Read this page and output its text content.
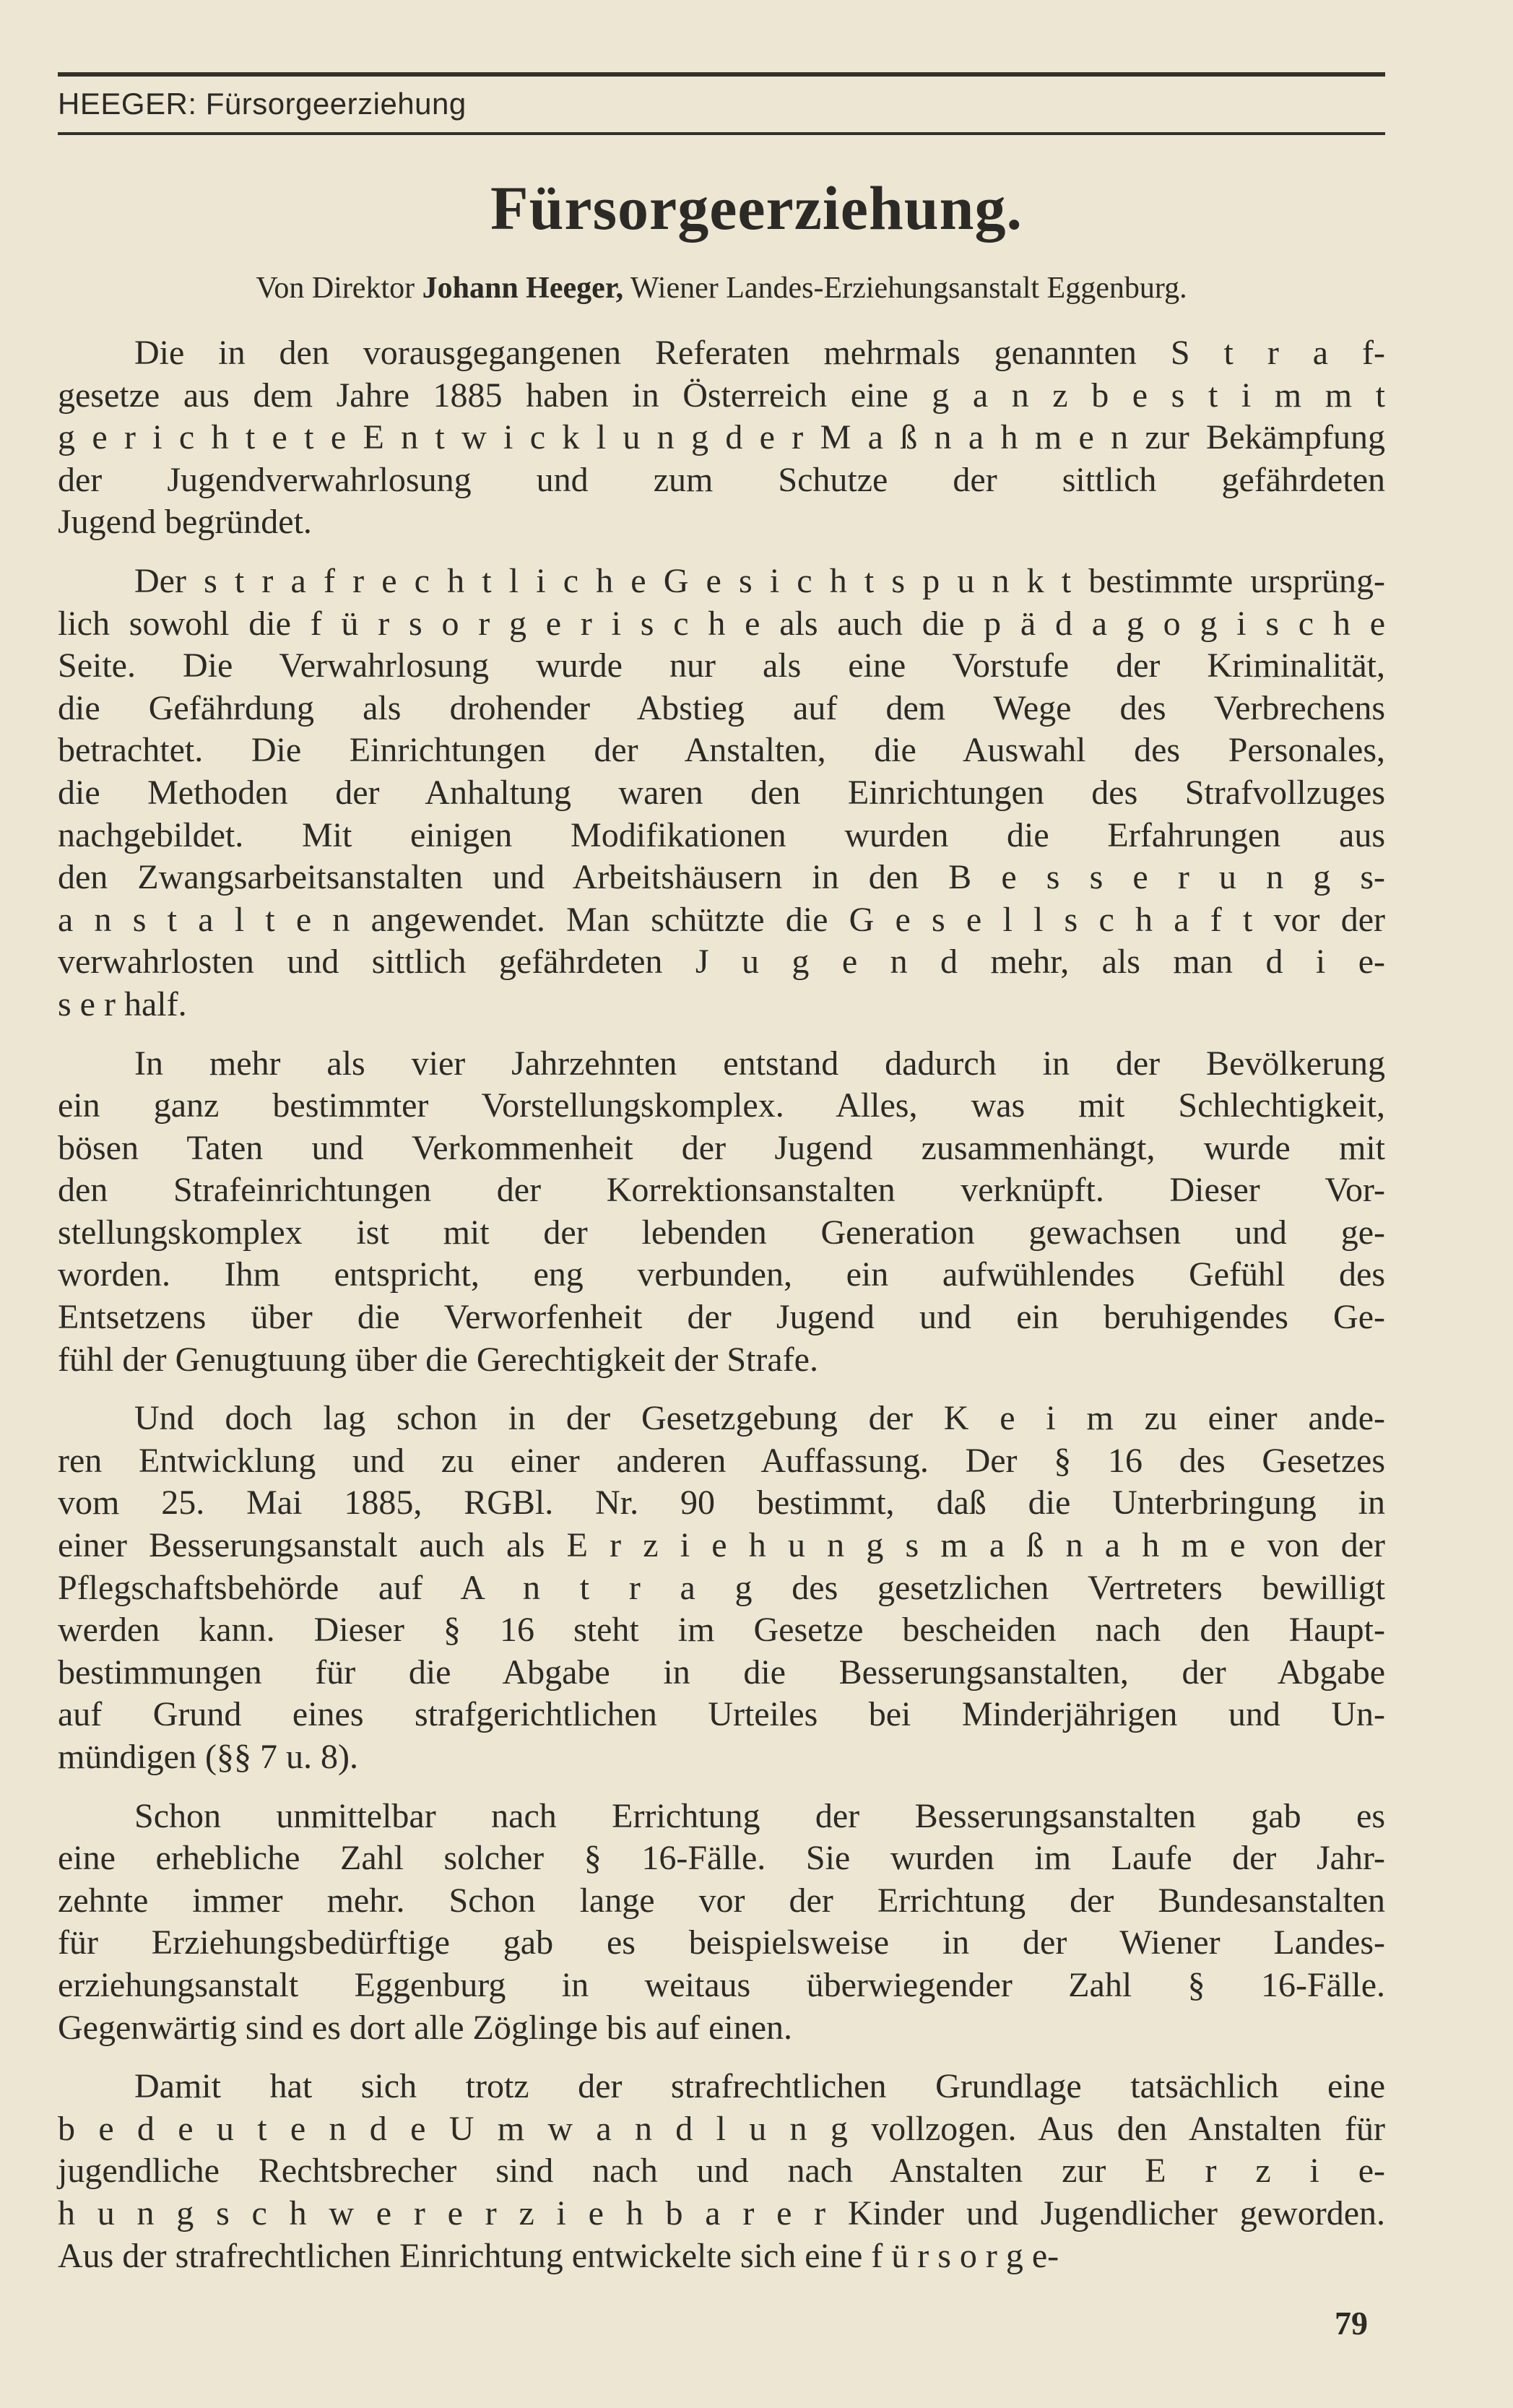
HEEGER: Fürsorgeerziehung
Fürsorgeerziehung.
Von Direktor Johann Heeger, Wiener Landes-Erziehungsanstalt Eggenburg.
Die in den vorausgegangenen Referaten mehrmals genannten S t r a f-
gesetze aus dem Jahre 1885 haben in Österreich eine g a n z b e s t i m m t
g e r i c h t e t e E n t w i c k l u n g d e r M a ß n a h m e n zur Bekämpfung
der Jugendverwahrlosung und zum Schutze der sittlich gefährdeten
Jugend begründet.
Der s t r a f r e c h t l i c h e G e s i c h t s p u n k t bestimmte ursprüng-
lich sowohl die f ü r s o r g e r i s c h e als auch die p ä d a g o g i s c h e
Seite. Die Verwahrlosung wurde nur als eine Vorstufe der Kriminalität,
die Gefährdung als drohender Abstieg auf dem Wege des Verbrechens
betrachtet. Die Einrichtungen der Anstalten, die Auswahl des Personales,
die Methoden der Anhaltung waren den Einrichtungen des Strafvollzuges
nachgebildet. Mit einigen Modifikationen wurden die Erfahrungen aus
den Zwangsarbeitsanstalten und Arbeitshäusern in den B e s s e r u n g s-
a n s t a l t e n angewendet. Man schützte die G e s e l l s c h a f t vor der
verwahrlosten und sittlich gefährdeten J u g e n d mehr, als man d i e-
s e r half.
In mehr als vier Jahrzehnten entstand dadurch in der Bevölkerung
ein ganz bestimmter Vorstellungskomplex. Alles, was mit Schlechtigkeit,
bösen Taten und Verkommenheit der Jugend zusammenhängt, wurde mit
den Strafeinrichtungen der Korrektionsanstalten verknüpft. Dieser Vor-
stellungskomplex ist mit der lebenden Generation gewachsen und ge-
worden. Ihm entspricht, eng verbunden, ein aufwühlendes Gefühl des
Entsetzens über die Verworfenheit der Jugend und ein beruhigendes Ge-
fühl der Genugtuung über die Gerechtigkeit der Strafe.
Und doch lag schon in der Gesetzgebung der K e i m zu einer ande-
ren Entwicklung und zu einer anderen Auffassung. Der § 16 des Gesetzes
vom 25. Mai 1885, RGBl. Nr. 90 bestimmt, daß die Unterbringung in
einer Besserungsanstalt auch als E r z i e h u n g s m a ß n a h m e von der
Pflegschaftsbehörde auf A n t r a g des gesetzlichen Vertreters bewilligt
werden kann. Dieser § 16 steht im Gesetze bescheiden nach den Haupt-
bestimmungen für die Abgabe in die Besserungsanstalten, der Abgabe
auf Grund eines strafgerichtlichen Urteiles bei Minderjährigen und Un-
mündigen (§§ 7 u. 8).
Schon unmittelbar nach Errichtung der Besserungsanstalten gab es
eine erhebliche Zahl solcher § 16-Fälle. Sie wurden im Laufe der Jahr-
zehnte immer mehr. Schon lange vor der Errichtung der Bundesanstalten
für Erziehungsbedürftige gab es beispielsweise in der Wiener Landes-
erziehungsanstalt Eggenburg in weitaus überwiegender Zahl § 16-Fälle.
Gegenwärtig sind es dort alle Zöglinge bis auf einen.
Damit hat sich trotz der strafrechtlichen Grundlage tatsächlich eine
b e d e u t e n d e U m w a n d l u n g vollzogen. Aus den Anstalten für
jugendliche Rechtsbrecher sind nach und nach Anstalten zur E r z i e-
h u n g s c h w e r e r z i e h b a r e r Kinder und Jugendlicher geworden.
Aus der strafrechtlichen Einrichtung entwickelte sich eine f ü r s o r g e-
79
